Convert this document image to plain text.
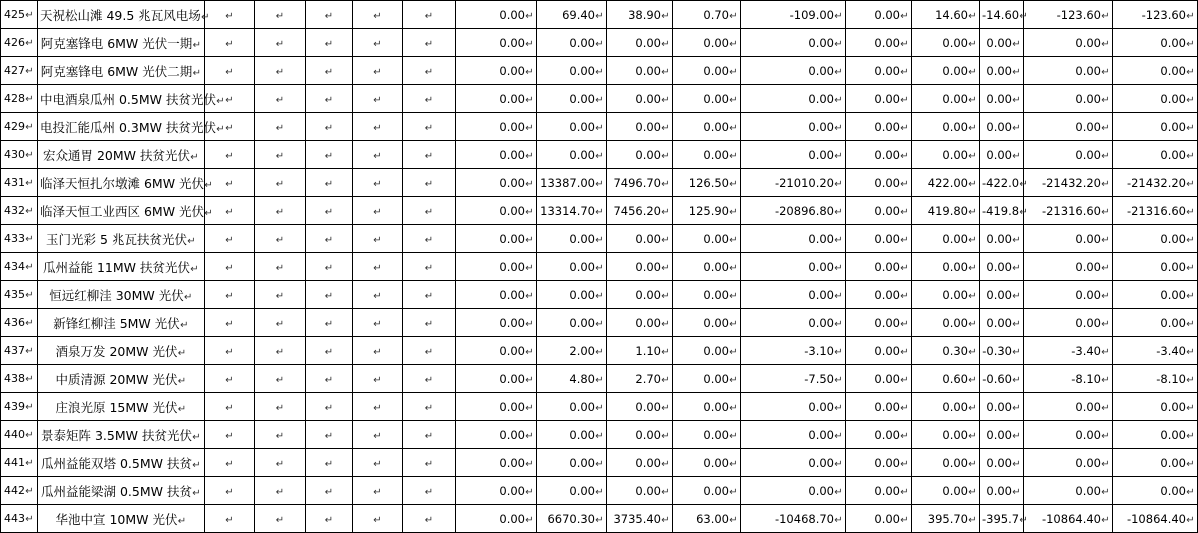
425↵	天祝松山滩 49.5 兆瓦风电场↵	↵	↵	↵	↵	↵	0.00↵	69.40↵	38.90↵	0.70↵	-109.00↵	0.00↵	14.60↵	-14.60↵	-123.60↵	-123.60↵
426↵	阿克塞锋电 6MW 光伏一期↵	↵	↵	↵	↵	↵	0.00↵	0.00↵	0.00↵	0.00↵	0.00↵	0.00↵	0.00↵	0.00↵	0.00↵	0.00↵
427↵	阿克塞锋电 6MW 光伏二期↵	↵	↵	↵	↵	↵	0.00↵	0.00↵	0.00↵	0.00↵	0.00↵	0.00↵	0.00↵	0.00↵	0.00↵	0.00↵
428↵	中电酒泉瓜州 0.5MW 扶贫光伏↵	↵	↵	↵	↵	↵	0.00↵	0.00↵	0.00↵	0.00↵	0.00↵	0.00↵	0.00↵	0.00↵	0.00↵	0.00↵
429↵	电投汇能瓜州 0.3MW 扶贫光伏↵	↵	↵	↵	↵	↵	0.00↵	0.00↵	0.00↵	0.00↵	0.00↵	0.00↵	0.00↵	0.00↵	0.00↵	0.00↵
430↵	宏众通胃 20MW 扶贫光伏↵	↵	↵	↵	↵	↵	0.00↵	0.00↵	0.00↵	0.00↵	0.00↵	0.00↵	0.00↵	0.00↵	0.00↵	0.00↵
431↵	临泽天恒扎尔墩滩 6MW 光伏↵	↵	↵	↵	↵	↵	0.00↵	13387.00↵	7496.70↵	126.50↵	-21010.20↵	0.00↵	422.00↵	-422.0↵	-21432.20↵	-21432.20↵
432↵	临泽天恒工业西区 6MW 光伏↵	↵	↵	↵	↵	↵	0.00↵	13314.70↵	7456.20↵	125.90↵	-20896.80↵	0.00↵	419.80↵	-419.8↵	-21316.60↵	-21316.60↵
433↵	玉门光彩 5 兆瓦扶贫光伏↵	↵	↵	↵	↵	↵	0.00↵	0.00↵	0.00↵	0.00↵	0.00↵	0.00↵	0.00↵	0.00↵	0.00↵	0.00↵
434↵	瓜州益能 11MW 扶贫光伏↵	↵	↵	↵	↵	↵	0.00↵	0.00↵	0.00↵	0.00↵	0.00↵	0.00↵	0.00↵	0.00↵	0.00↵	0.00↵
435↵	恒远红柳洼 30MW 光伏↵	↵	↵	↵	↵	↵	0.00↵	0.00↵	0.00↵	0.00↵	0.00↵	0.00↵	0.00↵	0.00↵	0.00↵	0.00↵
436↵	新锋红柳洼 5MW 光伏↵	↵	↵	↵	↵	↵	0.00↵	0.00↵	0.00↵	0.00↵	0.00↵	0.00↵	0.00↵	0.00↵	0.00↵	0.00↵
437↵	酒泉万发 20MW 光伏↵	↵	↵	↵	↵	↵	0.00↵	2.00↵	1.10↵	0.00↵	-3.10↵	0.00↵	0.30↵	-0.30↵	-3.40↵	-3.40↵
438↵	中质清源 20MW 光伏↵	↵	↵	↵	↵	↵	0.00↵	4.80↵	2.70↵	0.00↵	-7.50↵	0.00↵	0.60↵	-0.60↵	-8.10↵	-8.10↵
439↵	庄浪光原 15MW 光伏↵	↵	↵	↵	↵	↵	0.00↵	0.00↵	0.00↵	0.00↵	0.00↵	0.00↵	0.00↵	0.00↵	0.00↵	0.00↵
440↵	景泰矩阵 3.5MW 扶贫光伏↵	↵	↵	↵	↵	↵	0.00↵	0.00↵	0.00↵	0.00↵	0.00↵	0.00↵	0.00↵	0.00↵	0.00↵	0.00↵
441↵	瓜州益能双塔 0.5MW 扶贫↵	↵	↵	↵	↵	↵	0.00↵	0.00↵	0.00↵	0.00↵	0.00↵	0.00↵	0.00↵	0.00↵	0.00↵	0.00↵
442↵	瓜州益能梁湖 0.5MW 扶贫↵	↵	↵	↵	↵	↵	0.00↵	0.00↵	0.00↵	0.00↵	0.00↵	0.00↵	0.00↵	0.00↵	0.00↵	0.00↵
443↵	华池中宣 10MW 光伏↵	↵	↵	↵	↵	↵	0.00↵	6670.30↵	3735.40↵	63.00↵	-10468.70↵	0.00↵	395.70↵	-395.7↵	-10864.40↵	-10864.40↵
